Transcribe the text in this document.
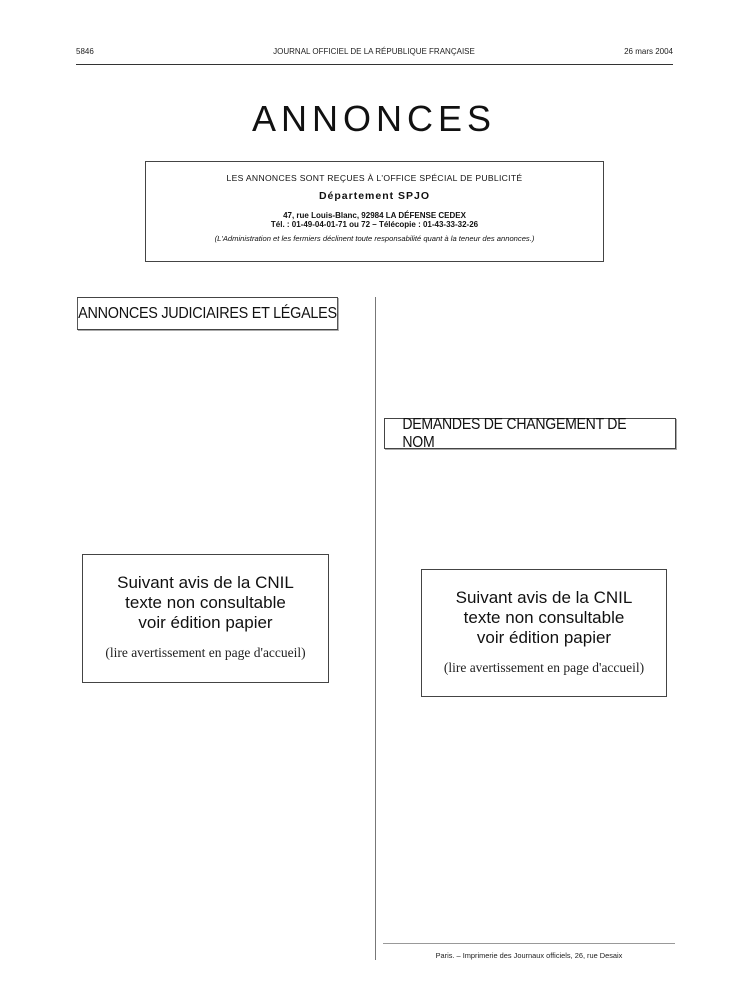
5846	JOURNAL OFFICIEL DE LA RÉPUBLIQUE FRANÇAISE	26 mars 2004
ANNONCES
LES ANNONCES SONT REÇUES À L'OFFICE SPÉCIAL DE PUBLICITÉ
Département SPJO
47, rue Louis-Blanc, 92984 LA DÉFENSE CEDEX
Tél. : 01-49-04-01-71 ou 72 – Télécopie : 01-43-33-32-26
(L'Administration et les fermiers déclinent toute responsabilité quant à la teneur des annonces.)
ANNONCES JUDICIAIRES ET LÉGALES
DEMANDES DE CHANGEMENT DE NOM
Suivant avis de la CNIL
texte non consultable
voir édition papier
(lire avertissement en page d'accueil)
Suivant avis de la CNIL
texte non consultable
voir édition papier
(lire avertissement en page d'accueil)
Paris. – Imprimerie des Journaux officiels, 26, rue Desaix
